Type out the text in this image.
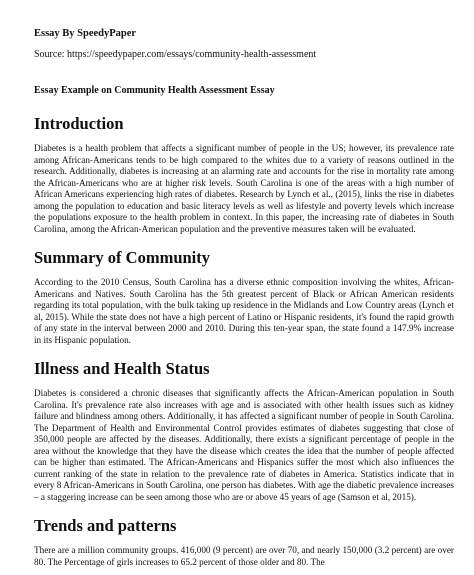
Essay By SpeedyPaper
Source: https://speedypaper.com/essays/community-health-assessment
Essay Example on Community Health Assessment Essay
Introduction

Diabetes is a health problem that affects a significant number of people in the US; however, its prevalence rate among African-Americans tends to be high compared to the whites due to a variety of reasons outlined in the research. Additionally, diabetes is increasing at an alarming rate and accounts for the rise in mortality rate among the African-Americans who are at higher risk levels. South Carolina is one of the areas with a high number of African Americans experiencing high rates of diabetes. Research by Lynch et al., (2015), links the rise in diabetes among the population to education and basic literacy levels as well as lifestyle and poverty levels which increase the populations exposure to the health problem in context. In this paper, the increasing rate of diabetes in South Carolina, among the African-American population and the preventive measures taken will be evaluated.

Summary of Community

According to the 2010 Census, South Carolina has a diverse ethnic composition involving the whites, African-Americans and Natives. South Carolina has the 5th greatest percent of Black or African American residents regarding its total population, with the bulk taking up residence in the Midlands and Low Country areas (Lynch et al, 2015). While the state does not have a high percent of Latino or Hispanic residents, it's found the rapid growth of any state in the interval between 2000 and 2010. During this ten-year span, the state found a 147.9% increase in its Hispanic population.

Illness and Health Status

Diabetes is considered a chronic diseases that significantly affects the African-American population in South Carolina. It's prevalence rate also increases with age and is associated with other health issues such as kidney failure and blindness among others. Additionally, it has affected a significant number of people in South Carolina. The Department of Health and Environmental Control provides estimates of diabetes suggesting that close of 350,000 people are affected by the diseases. Additionally, there exists a significant percentage of people in the area without the knowledge that they have the disease which creates the idea that the number of people affected can be higher than estimated. The African-Americans and Hispanics suffer the most which also influences the current ranking of the state in relation to the prevalence rate of diabetes in America. Statistics indicate that in every 8 African-Americans in South Carolina, one person has diabetes. With age the diabetic prevalence increases – a staggering increase can be seen among those who are or above 45 years of age (Samson et al, 2015).

Trends and patterns

There are a million community groups. 416,000 (9 percent) are over 70, and nearly 150,000 (3.2 percent) are over 80. The Percentage of girls increases to 65.2 percent of those older and 80. The
